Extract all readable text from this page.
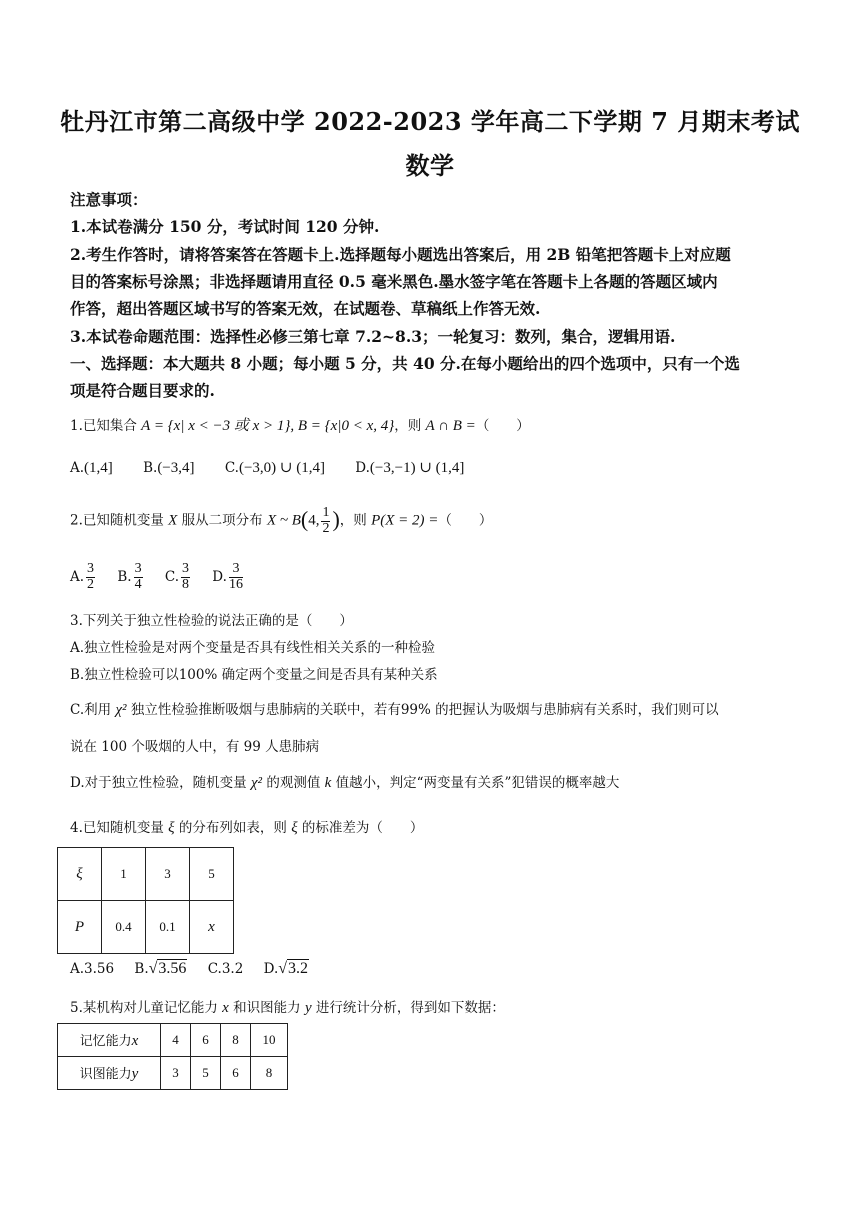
牡丹江市第二高级中学 2022-2023 学年高二下学期 7 月期末考试
数学
注意事项：
1.本试卷满分 150 分，考试时间 120 分钟.
2.考生作答时，请将答案答在答题卡上.选择题每小题选出答案后，用 2B 铅笔把答题卡上对应题
目的答案标号涂黑；非选择题请用直径 0.5 毫米黑色.墨水签字笔在答题卡上各题的答题区域内
作答，超出答题区域书写的答案无效，在试题卷、草稿纸上作答无效.
3.本试卷命题范围：选择性必修三第七章 7.2~8.3；一轮复习：数列，集合，逻辑用语.
一、选择题：本大题共 8 小题；每小题 5 分，共 40 分.在每小题给出的四个选项中，只有一个选
项是符合题目要求的.
1.已知集合 A = {x| x < −3 或 x > 1}, B = {x|0 < x, 4}，则 A ∩ B =（　　）
A.(1,4] B.(−3,4] C.(−3,0) ∪ (1,4] D.(−3,−1) ∪ (1,4]
2.已知随机变量 X 服从二项分布 X ~ B(4, $\frac{1}{2}$ )，则 P(X = 2) =（　　）
A. $\frac{3}{2} B$. $\frac{3}{4} C$. $\frac{3}{8} D$. $\frac{3}{16}$
3.下列关于独立性检验的说法正确的是（　　）
A.独立性检验是对两个变量是否具有线性相关关系的一种检验
B.独立性检验可以100% 确定两个变量之间是否具有某种关系
C.利用 χ² 独立性检验推断吸烟与患肺病的关联中，若有99% 的把握认为吸烟与患肺病有关系时，我们则可以
说在 100 个吸烟的人中，有 99 人患肺病
D.对于独立性检验，随机变量 χ² 的观测值 k 值越小，判定“两变量有关系”犯错误的概率越大
4.已知随机变量 ξ 的分布列如表，则 ξ 的标准差为（　　）
ξ	1	3	5
P	0.4	0.1	x
A.3.56 B.√3.56 C.3.2 D.√3.2
5.某机构对儿童记忆能力 x 和识图能力 y 进行统计分析，得到如下数据：
记忆能力x	4	6	8	10
识图能力y	3	5	6	8
